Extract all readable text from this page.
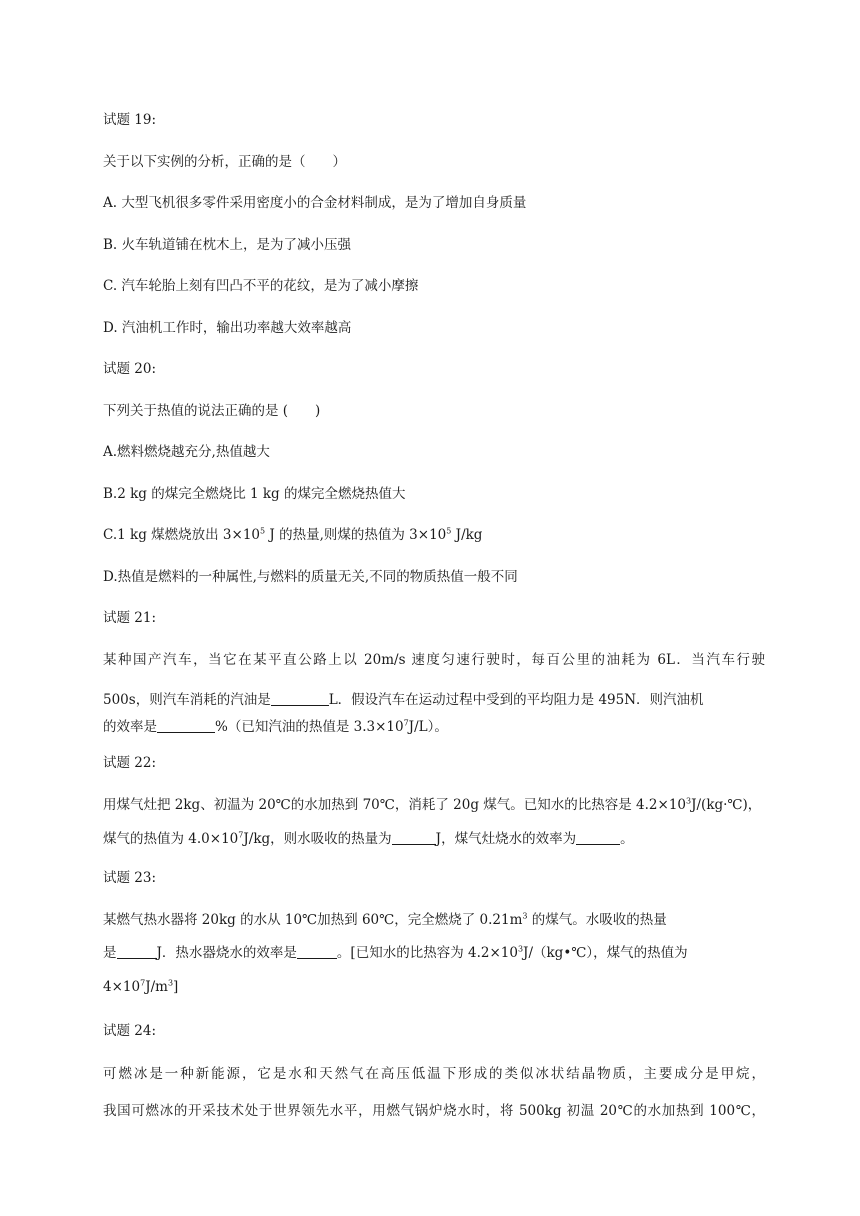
试题 19:
关于以下实例的分析，正确的是（　　）
A. 大型飞机很多零件采用密度小的合金材料制成，是为了增加自身质量
B. 火车轨道铺在枕木上，是为了减小压强
C. 汽车轮胎上刻有凹凸不平的花纹，是为了减小摩擦
D. 汽油机工作时，输出功率越大效率越高
试题 20:
下列关于热值的说法正确的是 (　　)
A.燃料燃烧越充分,热值越大
B.2 kg 的煤完全燃烧比 1 kg 的煤完全燃烧热值大
C.1 kg 煤燃烧放出 $3\times 10^5$ J 的热量,则煤的热值为 $3\times 10^5$ J/kg
D.热值是燃料的一种属性,与燃料的质量无关,不同的物质热值一般不同
试题 21:
某种国产汽车，当它在某平直公路上以 20m/s 速度匀速行驶时，每百公里的油耗为 6L．当汽车行驶
500s，则汽车消耗的汽油是	L．假设汽车在运动过程中受到的平均阻力是 495N．则汽油机
的效率是	%（已知汽油的热值是 $3.3\times 10^7J/L$）。
试题 22:
用煤气灶把 2kg、初温为 20℃的水加热到 70℃，消耗了 20g 煤气。已知水的比热容是 $4.2\times 10^3J/(kg\cdot℃)$，
煤气的热值为 $4.0\times 10^7J/kg$，则水吸收的热量为	J，煤气灶烧水的效率为	。
试题 23:
某燃气热水器将 20kg 的水从 10℃加热到 60℃，完全燃烧了 $0.21m^3$ 的煤气。水吸收的热量
是	J．热水器烧水的效率是	。[已知水的比热容为 $4.2\times 10^3J/(kg•℃)$，煤气的热值为
$4\times 10^7J/m^3$]
试题 24:
可燃冰是一种新能源，它是水和天然气在高压低温下形成的类似冰状结晶物质，主要成分是甲烷，
我国可燃冰的开采技术处于世界领先水平，用燃气锅炉烧水时，将 500kg 初温 20℃的水加热到 100℃，
